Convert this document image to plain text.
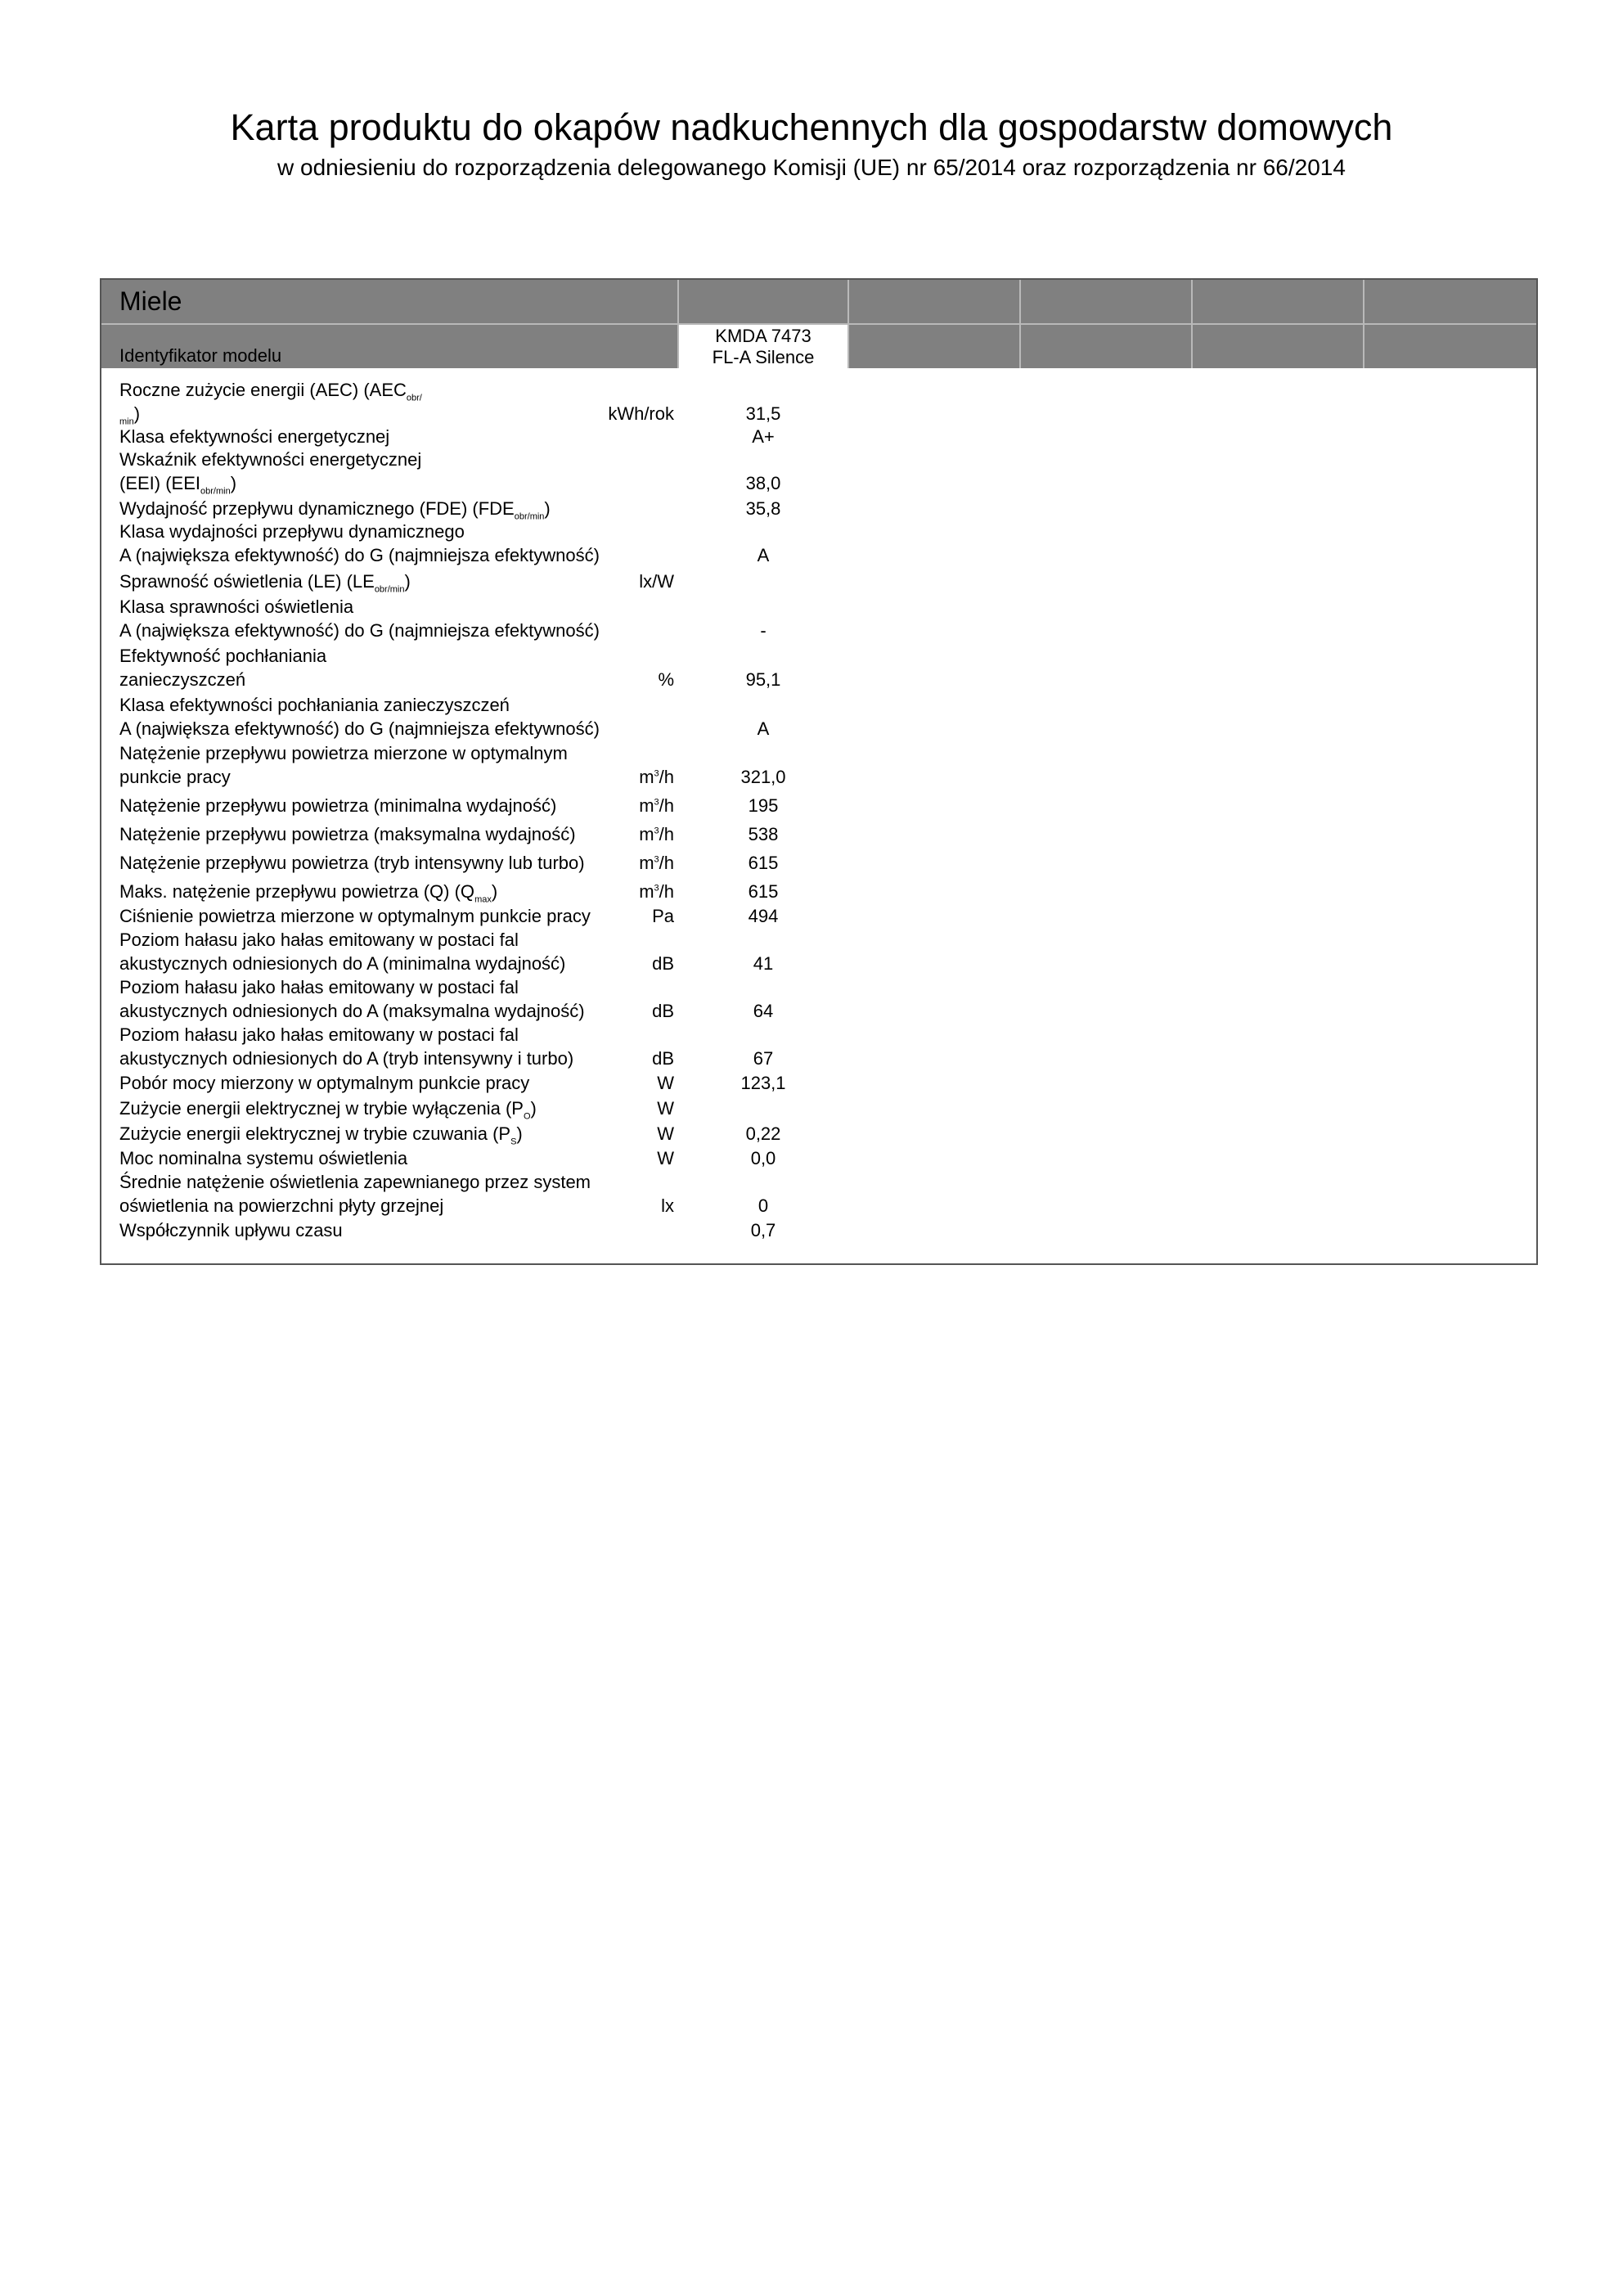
Karta produktu do okapów nadkuchennych dla gospodarstw domowych
w odniesieniu do rozporządzenia delegowanego Komisji (UE) nr 65/2014 oraz rozporządzenia nr 66/2014
Miele
Identyfikator modelu
KMDA 7473
FL-A Silence
Roczne zużycie energii (AEC) ($AEC_{obr/}$
$_{min}$)	kWh/rok	31,5
Klasa efektywności energetycznej	A+
Wskaźnik efektywności energetycznej
(EEI) $(EEI_{obr/min})$	38,0
Wydajność przepływu dynamicznego (FDE) $(FDE_{obr/min})$	35,8
Klasa wydajności przepływu dynamicznego
A (największa efektywność) do G (najmniejsza efektywność)	A
Sprawność oświetlenia (LE) $(LE_{obr/min})$	lx/W
Klasa sprawności oświetlenia
A (największa efektywność) do G (najmniejsza efektywność)	-
Efektywność pochłaniania
zanieczyszczeń	%	95,1
Klasa efektywności pochłaniania zanieczyszczeń
A (największa efektywność) do G (najmniejsza efektywność)	A
Natężenie przepływu powietrza mierzone w optymalnym
punkcie pracy	$m^3/h$	321,0
Natężenie przepływu powietrza (minimalna wydajność)	$m^3/h$	195
Natężenie przepływu powietrza (maksymalna wydajność)	$m^3/h$	538
Natężenie przepływu powietrza (tryb intensywny lub turbo)	$m^3/h$	615
Maks. natężenie przepływu powietrza (Q) $(Q_{max})$	$m^3/h$	615
Ciśnienie powietrza mierzone w optymalnym punkcie pracy	Pa	494
Poziom hałasu jako hałas emitowany w postaci fal
akustycznych odniesionych do A (minimalna wydajność)	dB	41
Poziom hałasu jako hałas emitowany w postaci fal
akustycznych odniesionych do A (maksymalna wydajność)	dB	64
Poziom hałasu jako hałas emitowany w postaci fal
akustycznych odniesionych do A (tryb intensywny i turbo)	dB	67
Pobór mocy mierzony w optymalnym punkcie pracy	W	123,1
Zużycie energii elektrycznej w trybie wyłączenia $(P_O)$	W
Zużycie energii elektrycznej w trybie czuwania $(P_S)$	W	0,22
Moc nominalna systemu oświetlenia	W	0,0
Średnie natężenie oświetlenia zapewnianego przez system
oświetlenia na powierzchni płyty grzejnej	lx	0
Współczynnik upływu czasu	0,7
